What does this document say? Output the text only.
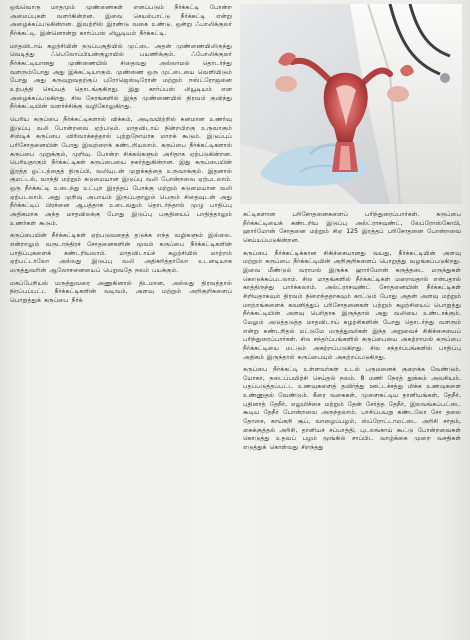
ஒவ்வொரு மாதமும் முண்ணைகள் எனப்படும் நீர்க்கட்டி போன்ற அமைப்புகள் வளர்கின்றன. இவை செயல்பாட்டு நீர்க்கட்டி என்று அழைக்கப்படுகின்றன. இவற்றில் இரண்டு வகை உண்டு. ஒன்று ஃபாலிக்குலர் நீர்க்கட்டி. இன்னொன்று கார்ப்பஸ் லியூடியம் நீர்க்கட்டி.

மாதவிடாய் சுழற்சியின் நடுப்பகுதியில் முட்டை அதன் முண்ணையிலிருந்து வெடித்து ஃபெலோப்பியன்குழாயில் பயணிக்கும். ஃபோலிக்குலர் நீர்க்கட்டியானது முண்ணையில் சிதைவது அல்லாமல் தொடர்ந்து வளரும்போது அது இக்கட்டியாகும். முண்ணை ஒரு முட்டையை வெளியிடும் போது அது கருவுறுவதற்குப் புரோஜெஸ்டிரோன் மற்றும் ஈஸ்ட்ரோஜனை உற்பத்தி செய்யத் தொடங்குகிறது. இது கார்ப்பஸ் லியூடியம் என அழைக்கப்படுகிறது. சில நேரங்களில் இந்த முண்ணையில் திரவம் குவிந்து நீர்க்கட்டியின் வளர்ச்சிக்கு வழிகோலுகிறது.

பெரிய கருப்பை நீர்க்கட்டிகளால் விக்கம், அடிவயிற்றில் கனமான உணர்வு இடுப்பு வலி போன்றவை ஏற்படும். மாதவிடாய் நின்றபிறகு உருவாகும் சிஸ்டிக் கருப்பை விரிவாக்கத்தால் புற்றுநோயாக மாறக் கூடும். இடுப்புப் பரிசோதனையின் போது இவற்றைக் கண்டறியலாம். கருப்பை நீர்க்கட்டிகளால் கருப்பை முறுக்கும், முறிவு. போன்ற சிக்கல்களும் அரிதாக ஏற்படுகின்றன. பெரியதாகும் நீர்க்கட்டிகள் கருப்பையை நகர்த்துகின்றன. இது கருப்பையின் இரத்த ஓட்டத்தைத் திருப்பி, வலியுடன் முறுக்கத்தை உருவாக்கும். இதனால் குமட்டல், வாந்தி மற்றும் கடுமையான இடுப்பு வலி போன்றவை ஏற்படலாம். ஒரு நீர்க்கட்டி உடைந்து உட்புற இரத்தப் போக்கு மற்றும் கடுமையான வலி ஏற்படலாம். அது முறிவு அபாயம் இருப்பதாலும் பெரும் சிதைவுடன் அது நீர்க்கட்டிப் பிரச்னை ஆபத்தாக உடைவதும் தொடர்ந்தால் முழு பாதிப்பு அதிகமாக அந்த மாதவிலக்கு போது இடுப்பு பகுதியைப் பாதித்தாலும் உணர்கள் கூடும்.

கருப்பையின் நீர்க்கட்டிகள் ஏற்படுவதைத் தடுக்க எந்த வழிகளும் இல்லை. என்றாலும் வருடாந்திரச் சோதனைகளின் மூலம் கருப்பை நீர்க்கட்டிகளின் பாதிப்புகளைக் கண்டறியலாம். மாதவிடாய்ச் சுழற்சியில் மாற்றம் ஏற்பட்டாலோ அல்லது இடுப்பு வலி அதிகரித்தாலோ உடனடியாக மருத்துவரின் ஆலோசனையைப் பெறுவதே நலம் பயக்கும்.

மகப்பேறியல் மருத்துவரை அணுகினால் திடமான, அல்லது திரவத்தால் நிரப்பப்பட்ட நீர்க்கட்டிகளின் வடிவம், அளவு மற்றும் அறிகுறிகளைப் பொறுத்துக் கருப்பை நீர்க்

கட்டிகளான பரிசோதனைகளைப் பரிந்துரைப்பார்கள். கருப்பை நீர்க்கட்டியைக் கண்டறிய இடுப்பு அல்ட்ராசவுண்ட், லேப்ரோஸ்கோபி, ஹார்மோன் சோதனை மற்றும் சிஏ 125 இரத்தப் பரிசோதனை போன்றவை செய்யப்படுகின்றன.

கருப்பை நீர்க்கட்டிக்கான சிகிச்சையானது வயது, நீர்க்கட்டியின் அளவு மற்றும் கருப்பை நீர்க்கட்டியின் அறிகுறிகளைப் பொறுத்து வழங்கப்படுகிறது. இவை மீண்டும் வராமல் இருக்க ஹார்மோன் கருத்தடை மருந்துகள் கொடுக்கப்படலாம். சில மாதங்களில் நீர்க்கட்டிகள் மறைவதால் என்பதால் காத்திருந்து பார்க்கலாம். அல்ட்ராசவுண்ட் சோதனையின் நீர்க்கட்டிகள் சிறியதாகவும் திரவம் நிறைந்ததாகவும் காட்டும் போது அதன் அளவு மற்றும் மாற்றங்களைக் கவனித்துப் பரிசோதனைகள் பற்றும் சுழற்சியைப் பொறுத்து நீர்க்கட்டியின் அளவு பெரிதாக இருந்தால் அது வலியை உண்டாக்கும். மேலும் அடுத்தடுத்த மாதவிடாய் சுழற்சிகளின் போது தொடர்ந்து வளரும் என்று கண்டறிதல் மட்டுமே மருத்துவர்கள் இந்த அறுவைச் சிகிச்சையைப் பரிந்துரைப்பார்கள். சில சந்தர்ப்பங்களில் கருப்பையை அகற்றாமல் கருப்பை நீர்க்கட்டியை மட்டும் அகற்றப்படுகிறது. சில சந்தர்ப்பங்களில் பாதிப்பு அதிகம் இருந்தால் கருப்பையும் அகற்றப்படுகிறது.

கருப்பை நீர்க்கட்டி உள்ளவர்கள் உடல் பருமனைக் குறைக்க வேண்டும். யோகா, நடைப்பயிற்சி செய்தல் நலம். 8 மணி நேரத் தூக்கம் அவசியம். பதப்படுத்தப்பட்ட உணவுகளைத் தவிர்த்து ஊட்டச்சத்து மிக்க உணவுகளை உண்ணுதல் வேண்டும். கீரை வகைகள், முளைகட்டிய தானியங்கள், தேநீர், புதினாத் தேநீர், எலுமிச்சை மற்றும் தேன் சேர்த்த தேநீர், இலவங்கப்பட்டை கூடிய தேநீர் போன்றவை அருந்தலாம். பாசிப்பயறு கண்டலோ சோ தலை தோசை, காய்கறி சூப், வாழைப்பழம், ஸ்ப்ரோட்டாமட்டை அரிசி சாதம், கைக்குத்தல் அரிசி, தானியச் சப்பாத்தி, புடலங்காய் கூட்டு போன்றவைகள் கொடுத்து உதவப் பழம் மூங்கில் சாப்பிட வாழ்க்கை முறை வசதிகள் எடுத்துக் கொள்வது சிறந்தது
